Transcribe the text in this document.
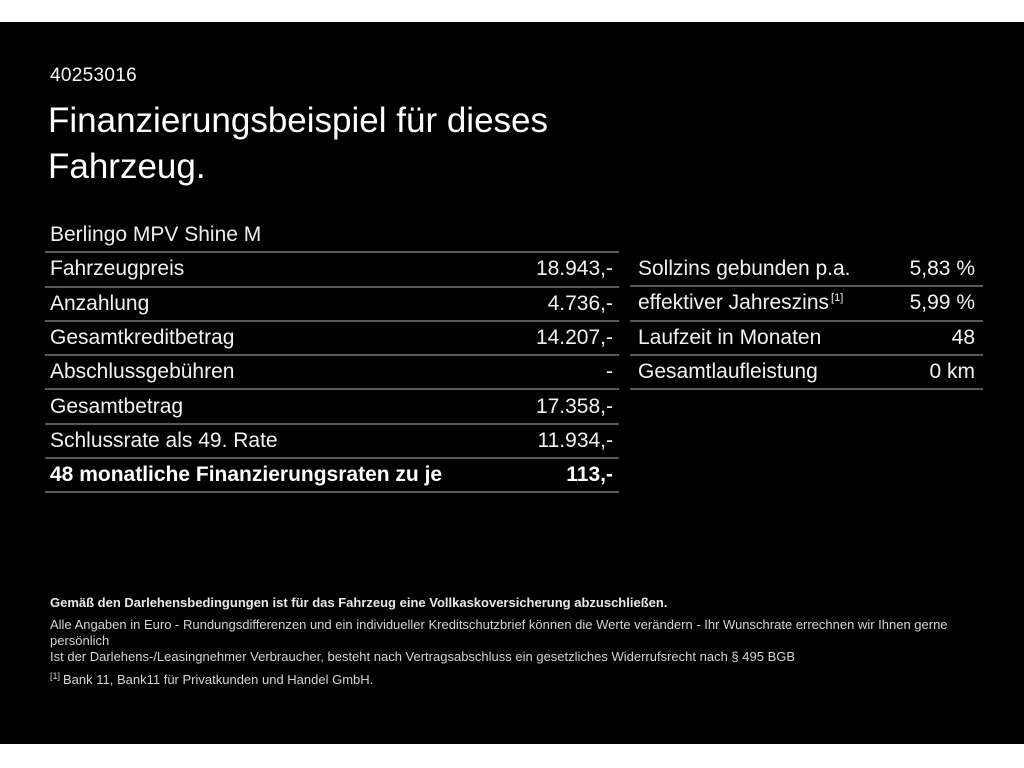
40253016
Finanzierungsbeispiel für dieses
Fahrzeug.
Berlingo MPV Shine M
Fahrzeugpreis	18.943,-
Anzahlung	4.736,-
Gesamtkreditbetrag	14.207,-
Abschlussgebühren	-
Gesamtbetrag	17.358,-
Schlussrate als 49. Rate	11.934,-
48 monatliche Finanzierungsraten zu je	113,-
Sollzins gebunden p.a.	5,83 %
effektiver Jahreszins [1]	5,99 %
Laufzeit in Monaten	48
Gesamtlaufleistung	0 km
Gemäß den Darlehensbedingungen ist für das Fahrzeug eine Vollkaskoversicherung abzuschließen.
Alle Angaben in Euro - Rundungsdifferenzen und ein individueller Kreditschutzbrief können die Werte verändern - Ihr Wunschrate errechnen wir Ihnen gerne persönlich
Ist der Darlehens-/Leasingnehmer Verbraucher, besteht nach Vertragsabschluss ein gesetzliches Widerrufsrecht nach § 495 BGB
[1] Bank 11, Bank11 für Privatkunden und Handel GmbH.
